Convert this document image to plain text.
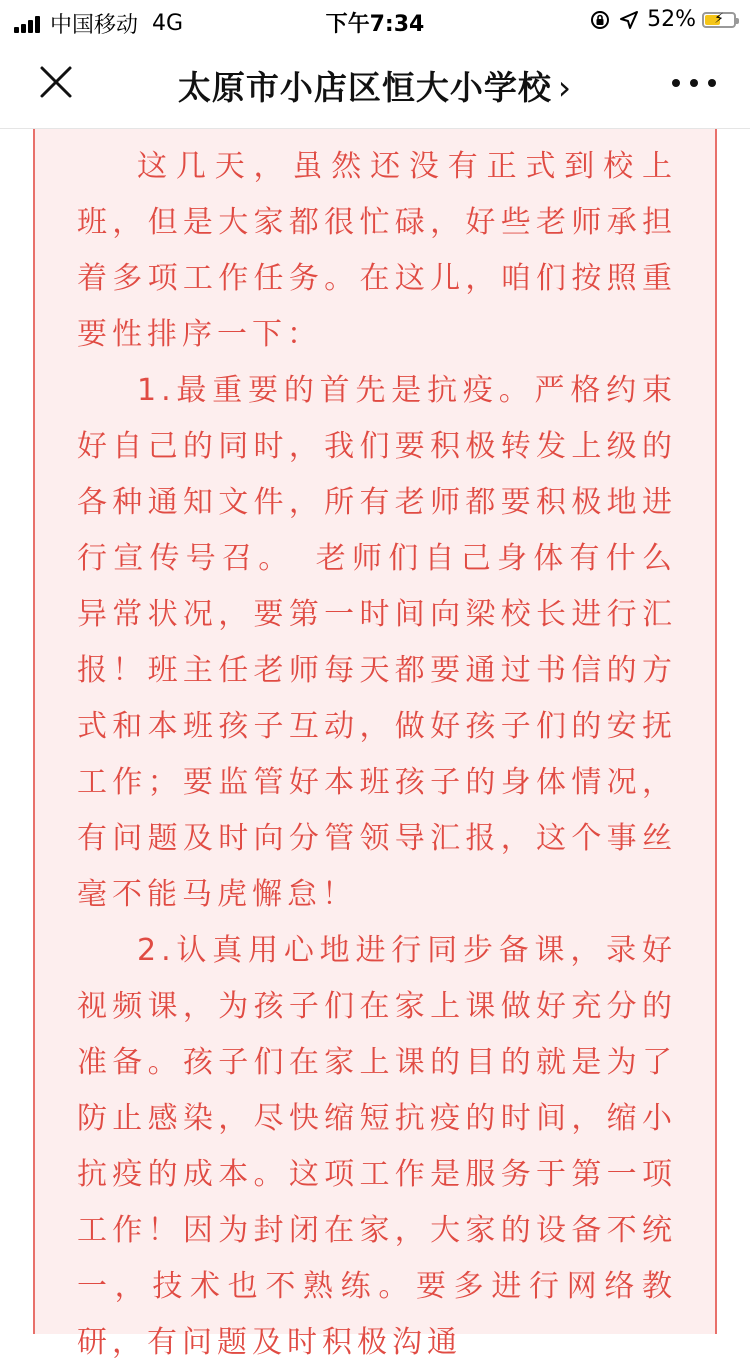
中国移动 4G	下午7:34	52%	⚡
太原市小店区恒大小学校 ›

这几天，虽然还没有正式到校上班，但是大家都很忙碌，好些老师承担着多项工作任务。在这儿，咱们按照重要性排序一下：

1.最重要的首先是抗疫。严格约束好自己的同时，我们要积极转发上级的各种通知文件，所有老师都要积极地进行宣传号召。　老师们自己身体有什么异常状况，要第一时间向梁校长进行汇报！班主任老师每天都要通过书信的方式和本班孩子互动，做好孩子们的安抚工作；要监管好本班孩子的身体情况，有问题及时向分管领导汇报，这个事丝毫不能马虎懈怠！

2.认真用心地进行同步备课，录好视频课，为孩子们在家上课做好充分的准备。孩子们在家上课的目的就是为了防止感染，尽快缩短抗疫的时间，缩小抗疫的成本。这项工作是服务于第一项工作！因为封闭在家，大家的设备不统一，技术也不熟练。要多进行网络教研，有问题及时积极沟通
